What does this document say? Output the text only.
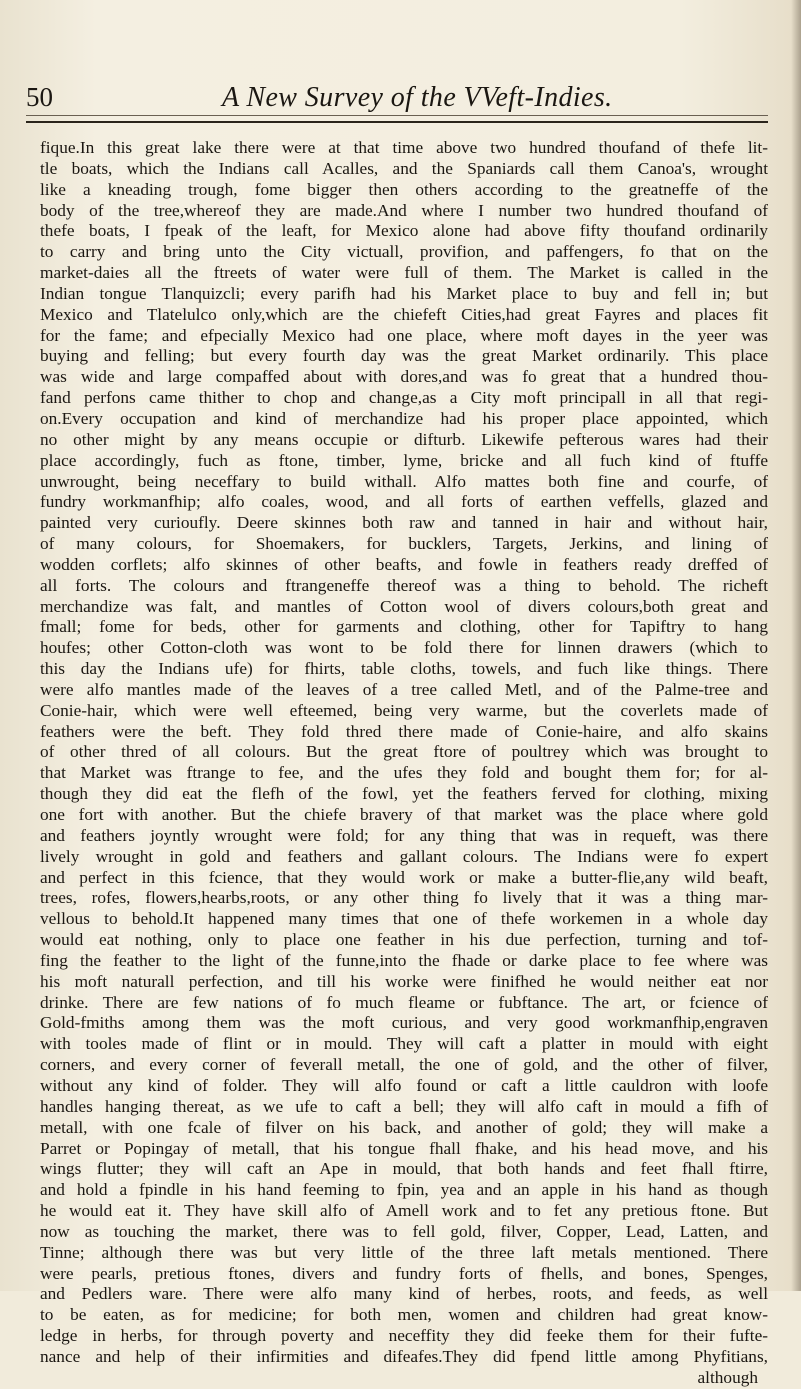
50	A New Survey of the VVeft-Indies.
fique.In this great lake there were at that time above two hundred thoufand of thefe lit-
tle boats, which the Indians call Acalles, and the Spaniards call them Canoa's, wrought
like a kneading trough, fome bigger then others according to the greatneffe of the
body of the tree,whereof they are made.And where I number two hundred thoufand of
thefe boats, I fpeak of the leaft, for Mexico alone had above fifty thoufand ordinarily
to carry and bring unto the City victuall, provifion, and paffengers, fo that on the
market-daies all the ftreets of water were full of them. The Market is called in the
Indian tongue Tlanquizcli; every parifh had his Market place to buy and fell in; but
Mexico and Tlatelulco only,which are the chiefeft Cities,had great Fayres and places fit
for the fame; and efpecially Mexico had one place, where moft dayes in the yeer was
buying and felling; but every fourth day was the great Market ordinarily. This place
was wide and large compaffed about with dores,and was fo great that a hundred thou-
fand perfons came thither to chop and change,as a City moft principall in all that regi-
on.Every occupation and kind of merchandize had his proper place appointed, which
no other might by any means occupie or difturb. Likewife pefterous wares had their
place accordingly, fuch as ftone, timber, lyme, bricke and all fuch kind of ftuffe
unwrought, being neceffary to build withall. Alfo mattes both fine and courfe, of
fundry workmanfhip; alfo coales, wood, and all forts of earthen veffells, glazed and
painted very curioufly. Deere skinnes both raw and tanned in hair and without hair,
of many colours, for Shoemakers, for bucklers, Targets, Jerkins, and lining of
wodden corflets; alfo skinnes of other beafts, and fowle in feathers ready dreffed of
all forts. The colours and ftrangeneffe thereof was a thing to behold. The richeft
merchandize was falt, and mantles of Cotton wool of divers colours,both great and
fmall; fome for beds, other for garments and clothing, other for Tapiftry to hang
houfes; other Cotton-cloth was wont to be fold there for linnen drawers (which to
this day the Indians ufe) for fhirts, table cloths, towels, and fuch like things. There
were alfo mantles made of the leaves of a tree called Metl, and of the Palme-tree and
Conie-hair, which were well efteemed, being very warme, but the coverlets made of
feathers were the beft. They fold thred there made of Conie-haire, and alfo skains
of other thred of all colours. But the great ftore of poultrey which was brought to
that Market was ftrange to fee, and the ufes they fold and bought them for; for al-
though they did eat the flefh of the fowl, yet the feathers ferved for clothing, mixing
one fort with another. But the chiefe bravery of that market was the place where gold
and feathers joyntly wrought were fold; for any thing that was in requeft, was there
lively wrought in gold and feathers and gallant colours. The Indians were fo expert
and perfect in this fcience, that they would work or make a butter-flie,any wild beaft,
trees, rofes, flowers,hearbs,roots, or any other thing fo lively that it was a thing mar-
vellous to behold.It happened many times that one of thefe workemen in a whole day
would eat nothing, only to place one feather in his due perfection, turning and tof-
fing the feather to the light of the funne,into the fhade or darke place to fee where was
his moft naturall perfection, and till his worke were finifhed he would neither eat nor
drinke. There are few nations of fo much fleame or fubftance. The art, or fcience of
Gold-fmiths among them was the moft curious, and very good workmanfhip,engraven
with tooles made of flint or in mould. They will caft a platter in mould with eight
corners, and every corner of feverall metall, the one of gold, and the other of filver,
without any kind of folder. They will alfo found or caft a little cauldron with loofe
handles hanging thereat, as we ufe to caft a bell; they will alfo caft in mould a fifh of
metall, with one fcale of filver on his back, and another of gold; they will make a
Parret or Popingay of metall, that his tongue fhall fhake, and his head move, and his
wings flutter; they will caft an Ape in mould, that both hands and feet fhall ftirre,
and hold a fpindle in his hand feeming to fpin, yea and an apple in his hand as though
he would eat it. They have skill alfo of Amell work and to fet any pretious ftone. But
now as touching the market, there was to fell gold, filver, Copper, Lead, Latten, and
Tinne; although there was but very little of the three laft metals mentioned. There
were pearls, pretious ftones, divers and fundry forts of fhells, and bones, Spenges,
and Pedlers ware. There were alfo many kind of herbes, roots, and feeds, as well
to be eaten, as for medicine; for both men, women and children had great know-
ledge in herbs, for through poverty and neceffity they did feeke them for their fufte-
nance and help of their infirmities and difeafes.They did fpend little among Phyfitians,
although
